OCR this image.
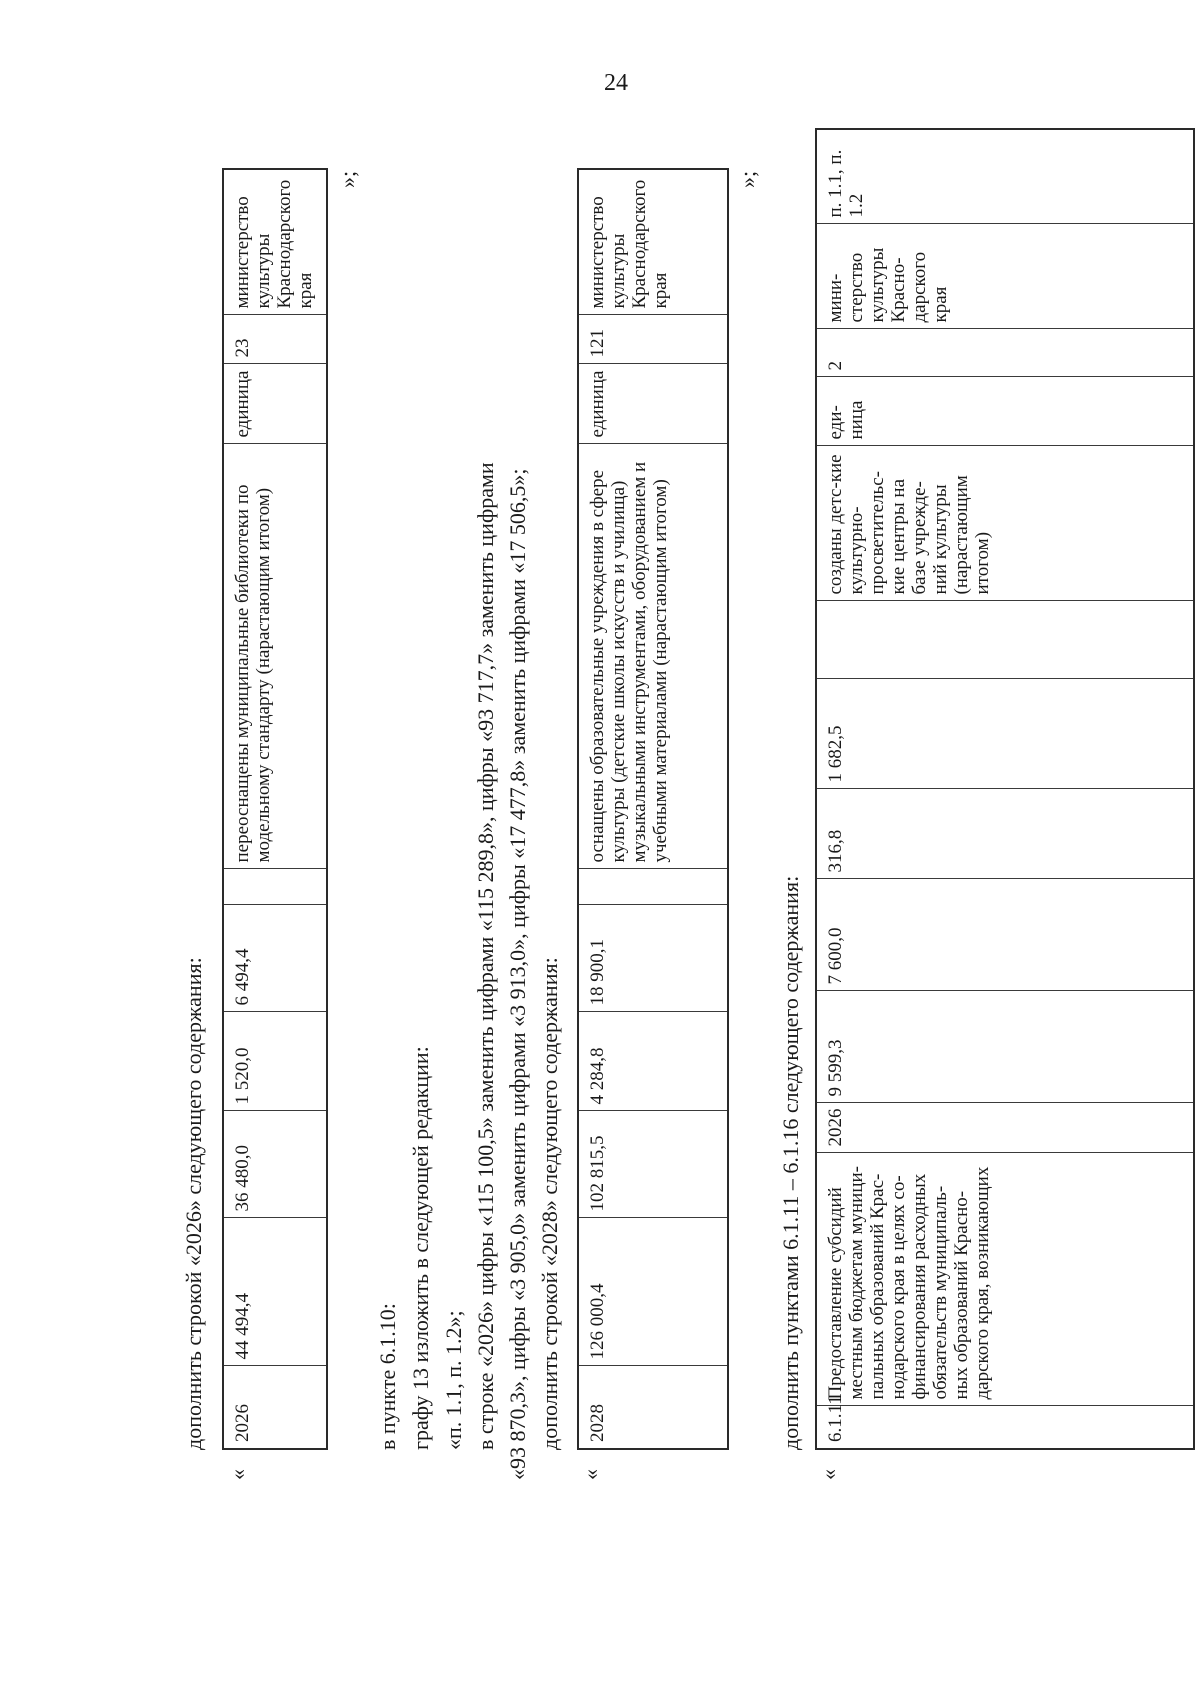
24

дополнить строкой «2026» следующего содержания:

«
2026	44 494,4	36 480,0	1 520,0	6 494,4		переоснащены муниципальные библиотеки по модельному стандарту (нарастающим итогом)	единица	23	министерство культуры Краснодарского края
»;

в пункте 6.1.10: графу 13 изложить в следующей редакции: «п. 1.1, п. 1.2»; в строке «2026» цифры «115 100,5» заменить цифрами «115 289,8», цифры «93 717,7» заменить цифрами «93 870,3», цифры «3 905,0» заменить цифрами «3 913,0», цифры «17 477,8» заменить цифрами «17 506,5»; дополнить строкой «2028» следующего содержания:

«
2028	126 000,4	102 815,5	4 284,8	18 900,1		оснащены образовательные учреждения в сфере культуры (детские школы искусств и училища) музыкальными инструментами, оборудованием и учебными материалами (нарастающим итогом)	единица	121	министерство культуры Краснодарского края
»;

дополнить пунктами 6.1.11 – 6.1.16 следующего содержания:

«
6.1.11	Предоставление субсидий местным бюджетам муници-пальных образований Крас-нодарского края в целях со-финансирования расходных обязательств муниципаль-ных образований Красно-дарского края, возникающих	2026	9 599,3	7 600,0	316,8	1 682,5		созданы детс-кие культурно-просветительс-кие центры на базе учрежде-ний культуры (нарастающим итогом)	еди-ница	2	мини-стерство культуры Красно-дарского края	п. 1.1, п. 1.2
